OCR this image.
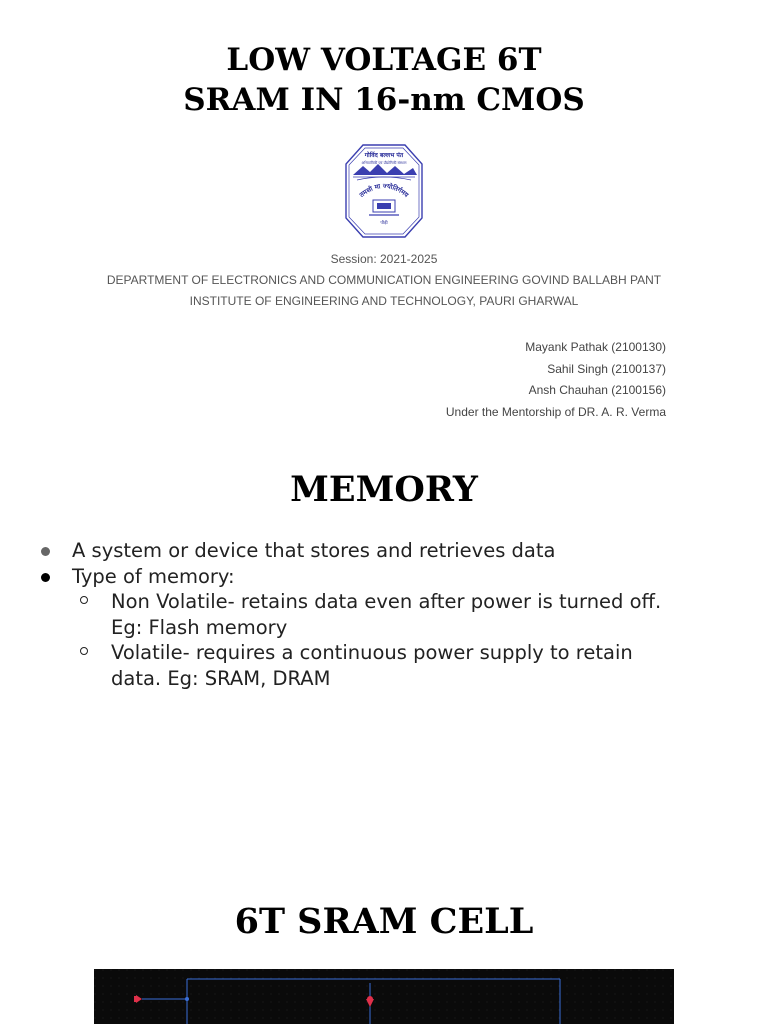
LOW VOLTAGE 6T
SRAM IN 16-nm CMOS
गोविंद बल्लभ पंत
अभियांत्रिकी एवं प्रौद्योगिकी संस्थान
तमसो मा ज्योतिर्गमय
पौड़ी
Session: 2021-2025
DEPARTMENT OF ELECTRONICS AND COMMUNICATION ENGINEERING GOVIND BALLABH PANT
INSTITUTE OF ENGINEERING AND TECHNOLOGY, PAURI GHARWAL
Mayank Pathak (2100130)
Sahil Singh (2100137)
Ansh Chauhan (2100156)
Under the Mentorship of DR. A. R. Verma
MEMORY
A system or device that stores and retrieves data
Type of memory:
Non Volatile- retains data even after power is turned off.
Eg: Flash memory
Volatile- requires a continuous power supply to retain
data. Eg: SRAM, DRAM
6T SRAM CELL
